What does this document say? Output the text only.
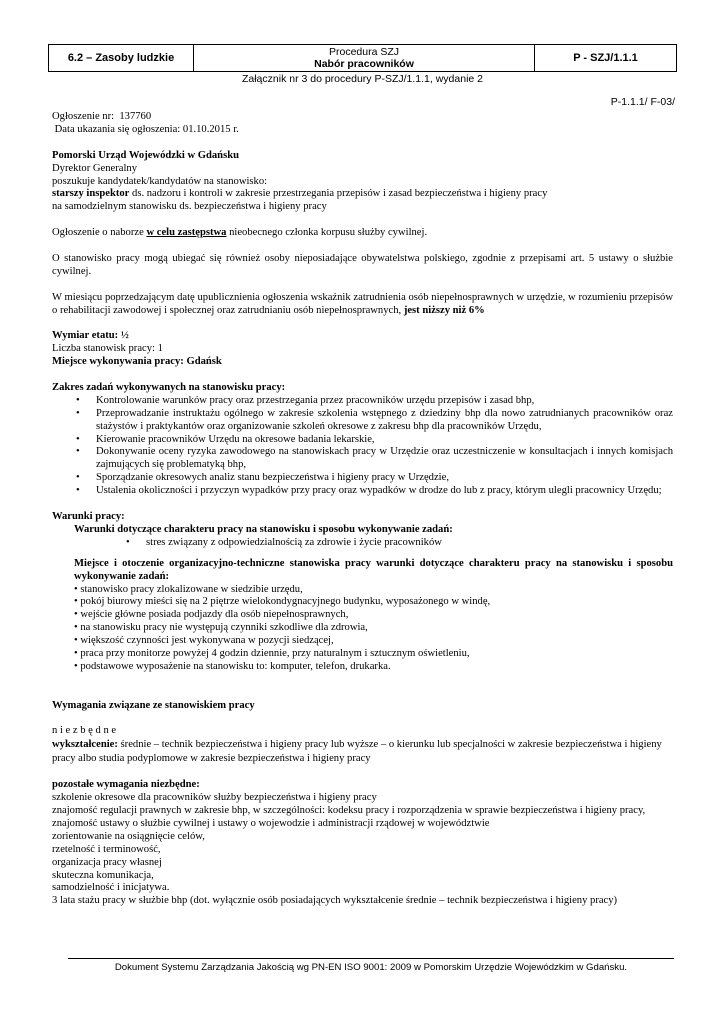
6.2 – Zasoby ludzkie	Procedura SZJ
Nabór pracowników
P - SZJ/1.1.1
Załącznik nr 3 do procedury P-SZJ/1.1.1, wydanie 2
P-1.1.1/ F-03/

Ogłoszenie nr:  137760

Data ukazania się ogłoszenia: 01.10.2015 r.

Pomorski Urząd Wojewódzki w Gdańsku

Dyrektor Generalny

poszukuje kandydatek/kandydatów na stanowisko:

starszy inspektor ds. nadzoru i kontroli w zakresie przestrzegania przepisów i zasad bezpieczeństwa i higieny pracy

na samodzielnym stanowisku ds. bezpieczeństwa i higieny pracy

Ogłoszenie o naborze w celu zastępstwa nieobecnego członka korpusu służby cywilnej.

O stanowisko pracy mogą ubiegać się również osoby nieposiadające obywatelstwa polskiego, zgodnie z przepisami art. 5 ustawy o służbie cywilnej.

W miesiącu poprzedzającym datę upublicznienia ogłoszenia wskaźnik zatrudnienia osób niepełnosprawnych w urzędzie, w rozumieniu przepisów o rehabilitacji zawodowej i społecznej oraz zatrudnianiu osób niepełnosprawnych, jest niższy niż 6%

Wymiar etatu: ½

Liczba stanowisk pracy: 1

Miejsce wykonywania pracy: Gdańsk

Zakres zadań wykonywanych na stanowisku pracy:

• Kontrolowanie warunków pracy oraz przestrzegania przez pracowników urzędu przepisów i zasad bhp,
• Przeprowadzanie instruktażu ogólnego w zakresie szkolenia wstępnego z dziedziny bhp dla nowo zatrudnianych pracowników oraz stażystów i praktykantów oraz organizowanie szkoleń okresowe z zakresu bhp dla pracowników Urzędu,
• Kierowanie pracowników Urzędu na okresowe badania lekarskie,
• Dokonywanie oceny ryzyka zawodowego na stanowiskach pracy w Urzędzie oraz uczestniczenie w konsultacjach i innych komisjach zajmujących się problematyką bhp,
• Sporządzanie okresowych analiz stanu bezpieczeństwa i higieny pracy w Urzędzie,
• Ustalenia okoliczności i przyczyn wypadków przy pracy oraz wypadków w drodze do lub z pracy, którym ulegli pracownicy Urzędu;

Warunki pracy:

Warunki dotyczące charakteru pracy na stanowisku i sposobu wykonywanie zadań:

• stres związany z odpowiedzialnością za zdrowie i życie pracowników

Miejsce i otoczenie organizacyjno-techniczne stanowiska pracy warunki dotyczące charakteru pracy na stanowisku i sposobu wykonywanie zadań:

• stanowisko pracy zlokalizowane w siedzibie urzędu,

• pokój biurowy mieści się na 2 piętrze wielokondygnacyjnego budynku, wyposażonego w windę,

• wejście główne posiada podjazdy dla osób niepełnosprawnych,

• na stanowisku pracy nie występują czynniki szkodliwe dla zdrowia,

• większość czynności jest wykonywana w pozycji siedzącej,

• praca przy monitorze powyżej 4 godzin dziennie, przy naturalnym i sztucznym oświetleniu,

• podstawowe wyposażenie na stanowisku to: komputer, telefon, drukarka.

Wymagania związane ze stanowiskiem pracy

n i e z b ę d n e

wykształcenie: średnie – technik bezpieczeństwa i higieny pracy lub wyższe – o kierunku lub specjalności w zakresie bezpieczeństwa i higieny pracy albo studia podyplomowe w zakresie bezpieczeństwa i higieny pracy

pozostałe wymagania niezbędne:

szkolenie okresowe dla pracowników służby bezpieczeństwa i higieny pracy

znajomość regulacji prawnych w zakresie bhp, w szczególności: kodeksu pracy i rozporządzenia w sprawie bezpieczeństwa i higieny pracy,

znajomość ustawy o służbie cywilnej i ustawy o wojewodzie i administracji rządowej w województwie

zorientowanie na osiągnięcie celów,

rzetelność i terminowość,

organizacja pracy własnej

skuteczna komunikacja,

samodzielność i inicjatywa.

3 lata stażu pracy w służbie bhp (dot. wyłącznie osób posiadających wykształcenie średnie – technik bezpieczeństwa i higieny pracy)

Dokument Systemu Zarządzania Jakością wg PN-EN ISO 9001: 2009 w Pomorskim Urzędzie Wojewódzkim w Gdańsku.
